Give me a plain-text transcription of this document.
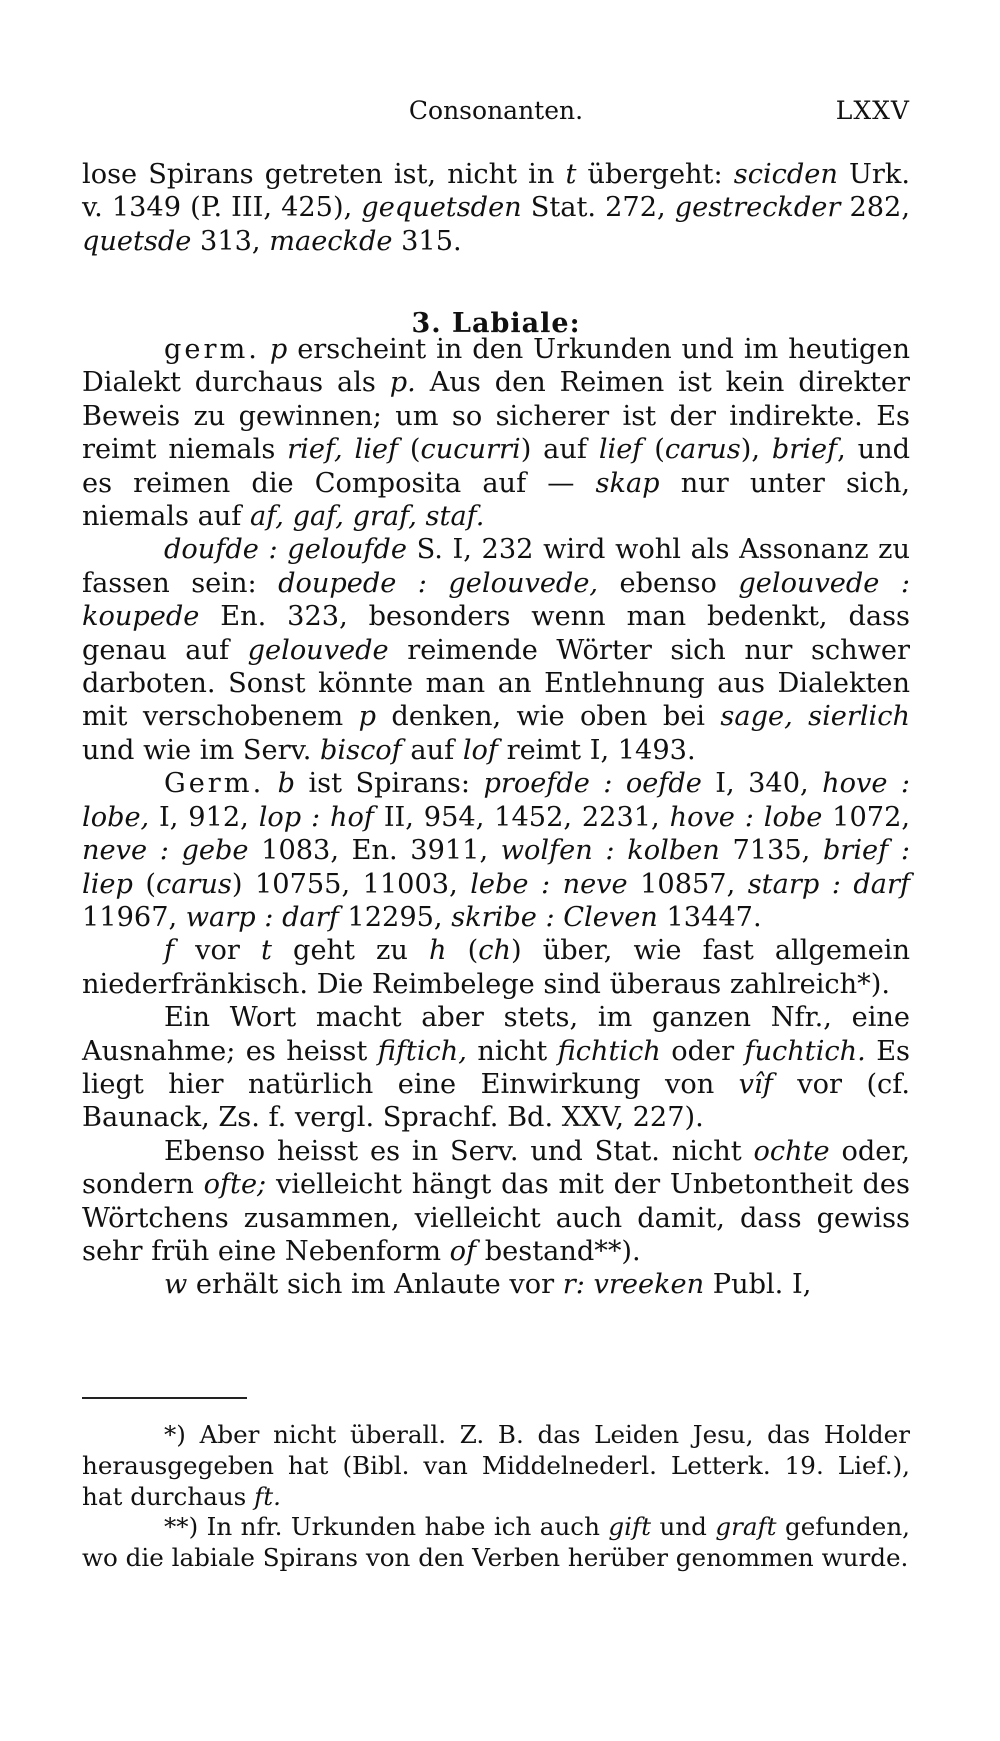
Consonanten.	LXXV

lose Spirans getreten ist, nicht in t übergeht: scicden Urk. v. 1349 (P. III, 425), gequetsden Stat. 272, gestreckder 282, quetsde 313, maeckde 315.

3. Labiale:

germ. p erscheint in den Urkunden und im heutigen Dialekt durchaus als p. Aus den Reimen ist kein direkter Beweis zu gewinnen; um so sicherer ist der indirekte. Es reimt niemals rief, lief (cucurri) auf lief (carus), brief, und es reimen die Composita auf — skap nur unter sich, niemals auf af, gaf, graf, staf.

doufde : geloufde S. I, 232 wird wohl als Assonanz zu fassen sein: doupede : gelouvede, ebenso gelouvede : koupede En. 323, besonders wenn man bedenkt, dass genau auf gelouvede reimende Wörter sich nur schwer darboten. Sonst könnte man an Entlehnung aus Dialekten mit verschobenem p denken, wie oben bei sage, sierlich und wie im Serv. biscof auf lof reimt I, 1493.

Germ. b ist Spirans: proefde : oefde I, 340, hove : lobe, I, 912, lop : hof II, 954, 1452, 2231, hove : lobe 1072, neve : gebe 1083, En. 3911, wolfen : kolben 7135, brief : liep (carus) 10755, 11003, lebe : neve 10857, starp : darf 11967, warp : darf 12295, skribe : Cleven 13447.

f vor t geht zu h (ch) über, wie fast allgemein niederfränkisch. Die Reimbelege sind überaus zahlreich*).

Ein Wort macht aber stets, im ganzen Nfr., eine Ausnahme; es heisst fiftich, nicht fichtich oder fuchtich. Es liegt hier natürlich eine Einwirkung von vîf vor (cf. Baunack, Zs. f. vergl. Sprachf. Bd. XXV, 227).

Ebenso heisst es in Serv. und Stat. nicht ochte oder, sondern ofte; vielleicht hängt das mit der Unbetontheit des Wörtchens zusammen, vielleicht auch damit, dass gewiss sehr früh eine Nebenform of bestand**).

w erhält sich im Anlaute vor r: vreeken Publ. I,

*) Aber nicht überall. Z. B. das Leiden Jesu, das Holder herausgegeben hat (Bibl. van Middelnederl. Letterk. 19. Lief.), hat durchaus ft.

**) In nfr. Urkunden habe ich auch gift und graft gefunden, wo die labiale Spirans von den Verben herüber genommen wurde.
